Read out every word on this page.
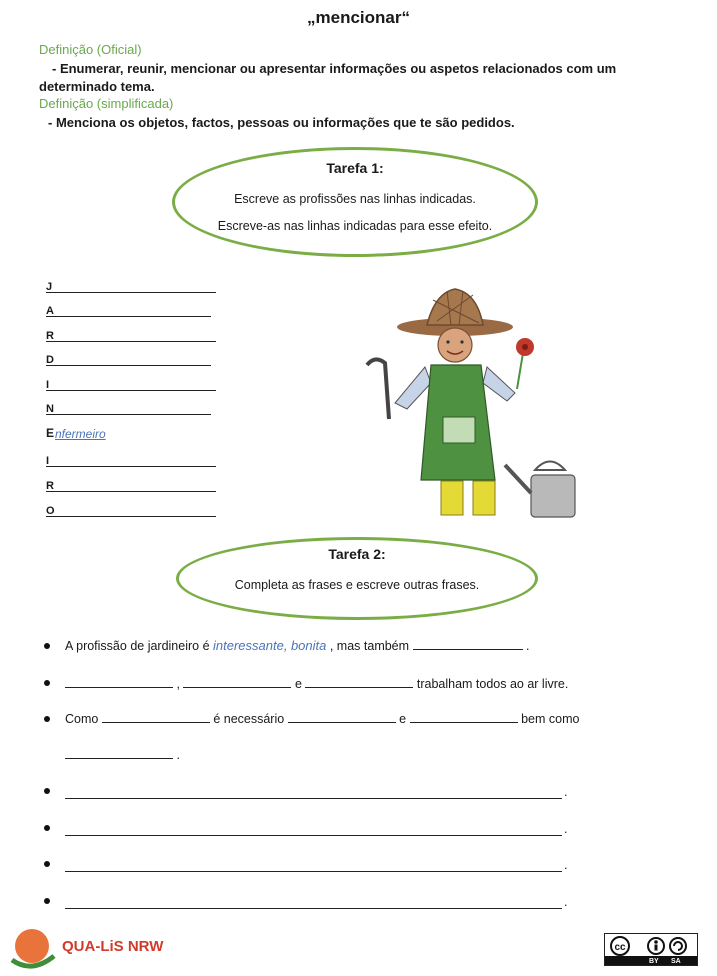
„mencionar“
Definição (Oficial)
- Enumerar, reunir, mencionar ou apresentar informações ou aspetos relacionados com um
determinado tema.
Definição (simplificada)
- Menciona os objetos, factos, pessoas ou informações que te são pedidos.
Tarefa 1:
Escreve as profissões nas linhas indicadas.
Escreve-as nas linhas indicadas para esse efeito.
J
A
R
D
I
N
E nfermeiro
I
R
O
Tarefa 2:
Completa as frases e escreve outras frases.
A profissão de jardineiro é interessante, bonita , mas também	.
,	e	trabalham todos ao ar livre.
Como	é necessário	e	bem como
.
.
.
.
.
QUA-LiS NRW	cc
BY SA
